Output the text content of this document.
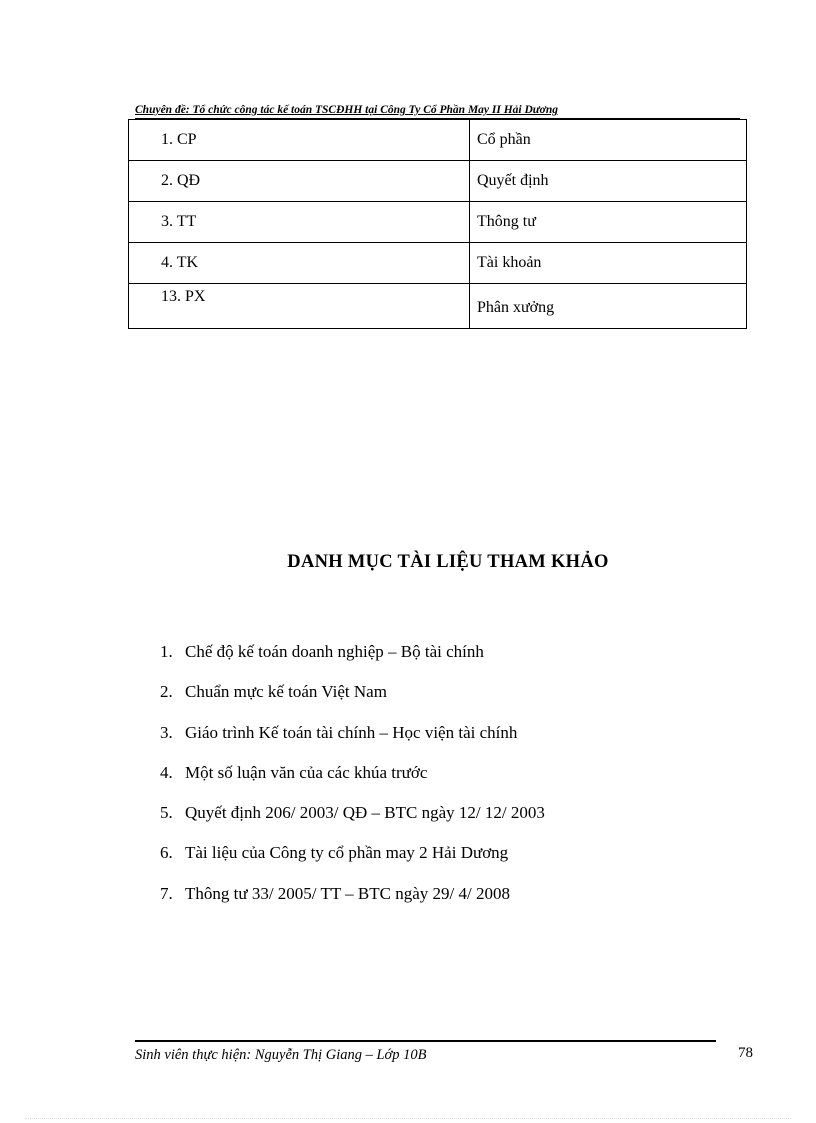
Chuyên đề: Tổ chức công tác kế toán TSCĐHH tại Công Ty Cổ Phần May II Hải Dương
1. CP	Cổ phần
2. QĐ	Quyết định
3. TT	Thông tư
4. TK	Tài khoản
13. PX	Phân xưởng
DANH MỤC TÀI LIỆU THAM KHẢO
1. Chế độ kế toán doanh nghiệp – Bộ tài chính
2. Chuẩn mực kế toán Việt Nam
3. Giáo trình Kế toán tài chính – Học viện tài chính
4. Một số luận văn của các khúa trước
5. Quyết định 206/ 2003/ QĐ – BTC ngày 12/ 12/ 2003
6. Tài liệu của Công ty cổ phần may 2 Hải Dương
7. Thông tư 33/ 2005/ TT – BTC ngày 29/ 4/ 2008
Sinh viên thực hiện: Nguyễn Thị Giang – Lớp 10B	78
